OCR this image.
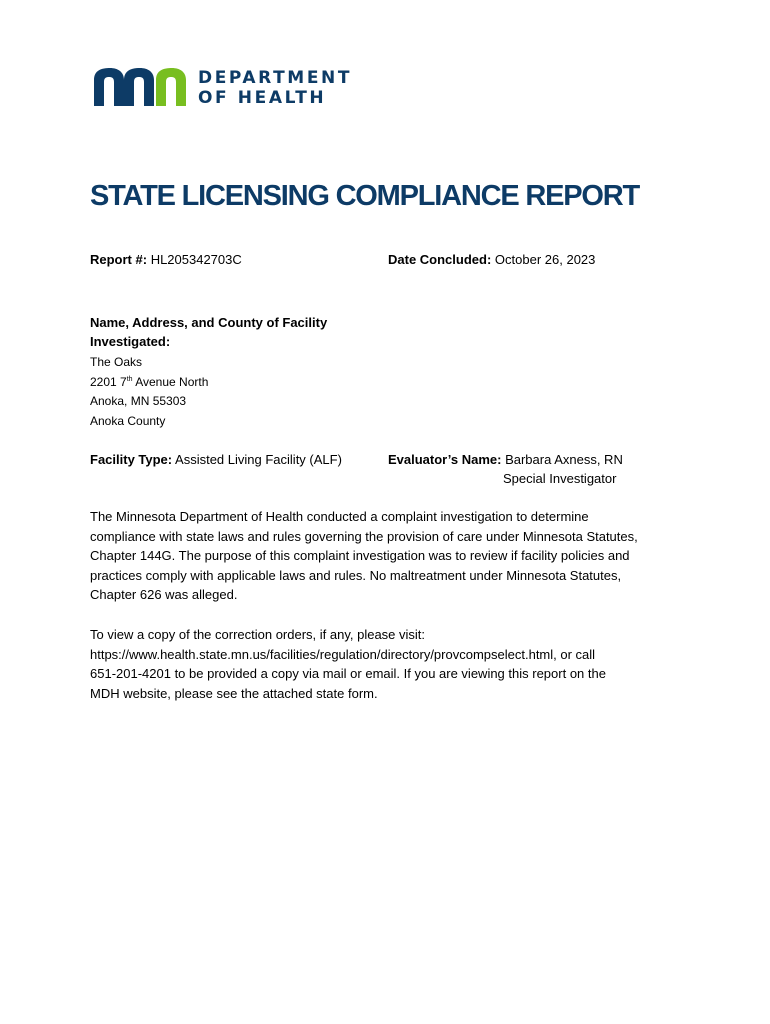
DEPARTMENT
OF HEALTH
STATE LICENSING COMPLIANCE REPORT
Report #: HL205342703C	Date Concluded: October 26, 2023
Name, Address, and County of Facility
Investigated:
The Oaks
2201 7th Avenue North
Anoka, MN 55303
Anoka County
Facility Type: Assisted Living Facility (ALF)	Evaluator’s Name: Barbara Axness, RN
Special Investigator

The Minnesota Department of Health conducted a complaint investigation to determine
compliance with state laws and rules governing the provision of care under Minnesota Statutes,
Chapter 144G. The purpose of this complaint investigation was to review if facility policies and
practices comply with applicable laws and rules. No maltreatment under Minnesota Statutes,
Chapter 626 was alleged.

To view a copy of the correction orders, if any, please visit:
https://www.health.state.mn.us/facilities/regulation/directory/provcompselect.html, or call
651-201-4201 to be provided a copy via mail or email. If you are viewing this report on the
MDH website, please see the attached state form.
